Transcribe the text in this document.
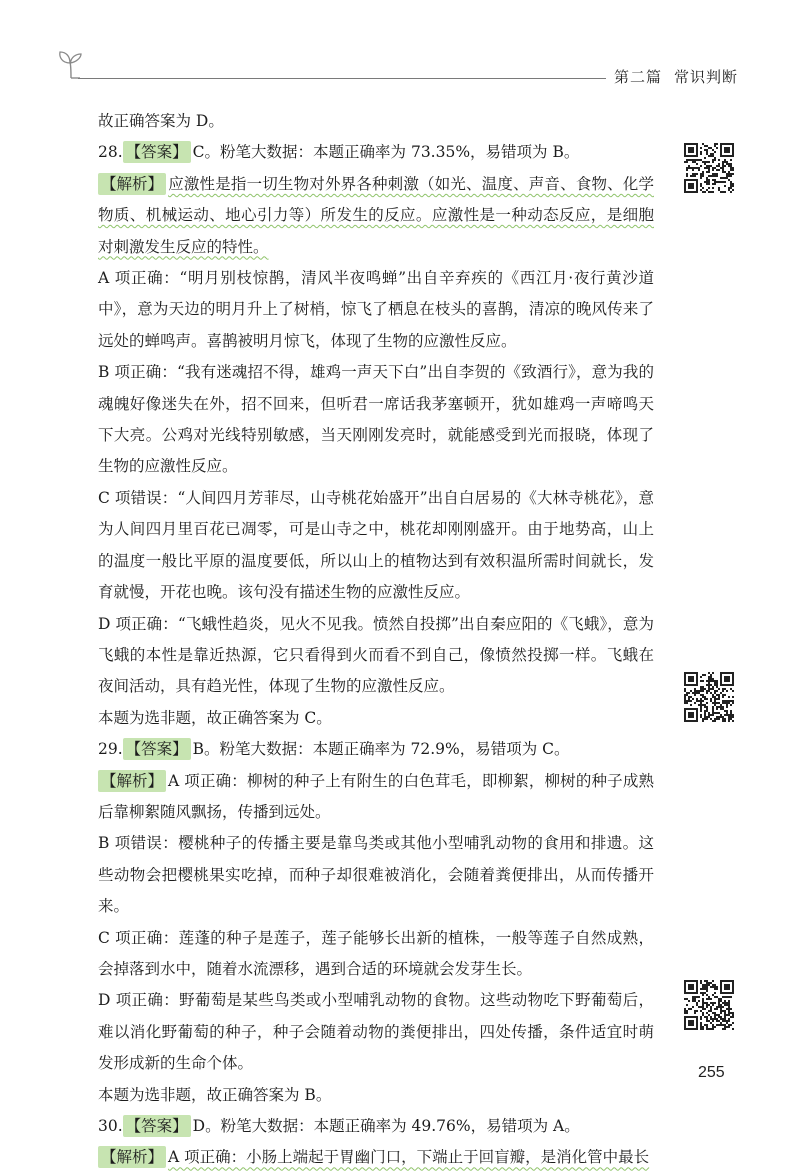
第二篇 常识判断

故正确答案为 D。

28. 【答案】 C。粉笔大数据：本题正确率为 73.35%，易错项为 B。

【解析】 应激性是指一切生物对外界各种刺激（如光、温度、声音、食物、化学物质、机械运动、地心引力等）所发生的反应。应激性是一种动态反应，是细胞对刺激发生反应的特性。

A 项正确：“明月别枝惊鹊，清风半夜鸣蝉”出自辛弃疾的《西江月·夜行黄沙道中》，意为天边的明月升上了树梢，惊飞了栖息在枝头的喜鹊，清凉的晚风传来了远处的蝉鸣声。喜鹊被明月惊飞，体现了生物的应激性反应。

B 项正确：“我有迷魂招不得，雄鸡一声天下白”出自李贺的《致酒行》，意为我的魂魄好像迷失在外，招不回来，但听君一席话我茅塞顿开，犹如雄鸡一声啼鸣天下大亮。公鸡对光线特别敏感，当天刚刚发亮时，就能感受到光而报晓，体现了生物的应激性反应。

C 项错误：“人间四月芳菲尽，山寺桃花始盛开”出自白居易的《大林寺桃花》，意为人间四月里百花已凋零，可是山寺之中，桃花却刚刚盛开。由于地势高，山上的温度一般比平原的温度要低，所以山上的植物达到有效积温所需时间就长，发育就慢，开花也晚。该句没有描述生物的应激性反应。

D 项正确：“飞蛾性趋炎，见火不见我。愤然自投掷”出自秦应阳的《飞蛾》，意为飞蛾的本性是靠近热源，它只看得到火而看不到自己，像愤然投掷一样。飞蛾在夜间活动，具有趋光性，体现了生物的应激性反应。

本题为选非题，故正确答案为 C。

29. 【答案】 B。粉笔大数据：本题正确率为 72.9%，易错项为 C。

【解析】 A 项正确：柳树的种子上有附生的白色茸毛，即柳絮，柳树的种子成熟后靠柳絮随风飘扬，传播到远处。

B 项错误：樱桃种子的传播主要是靠鸟类或其他小型哺乳动物的食用和排遗。这些动物会把樱桃果实吃掉，而种子却很难被消化，会随着粪便排出，从而传播开来。

C 项正确：莲蓬的种子是莲子，莲子能够长出新的植株，一般等莲子自然成熟，会掉落到水中，随着水流漂移，遇到合适的环境就会发芽生长。

D 项正确：野葡萄是某些鸟类或小型哺乳动物的食物。这些动物吃下野葡萄后，难以消化野葡萄的种子，种子会随着动物的粪便排出，四处传播，条件适宜时萌发形成新的生命个体。

本题为选非题，故正确答案为 B。

30. 【答案】 D。粉笔大数据：本题正确率为 49.76%，易错项为 A。

【解析】 A 项正确：小肠上端起于胃幽门口，下端止于回盲瓣，是消化管中最长

255
